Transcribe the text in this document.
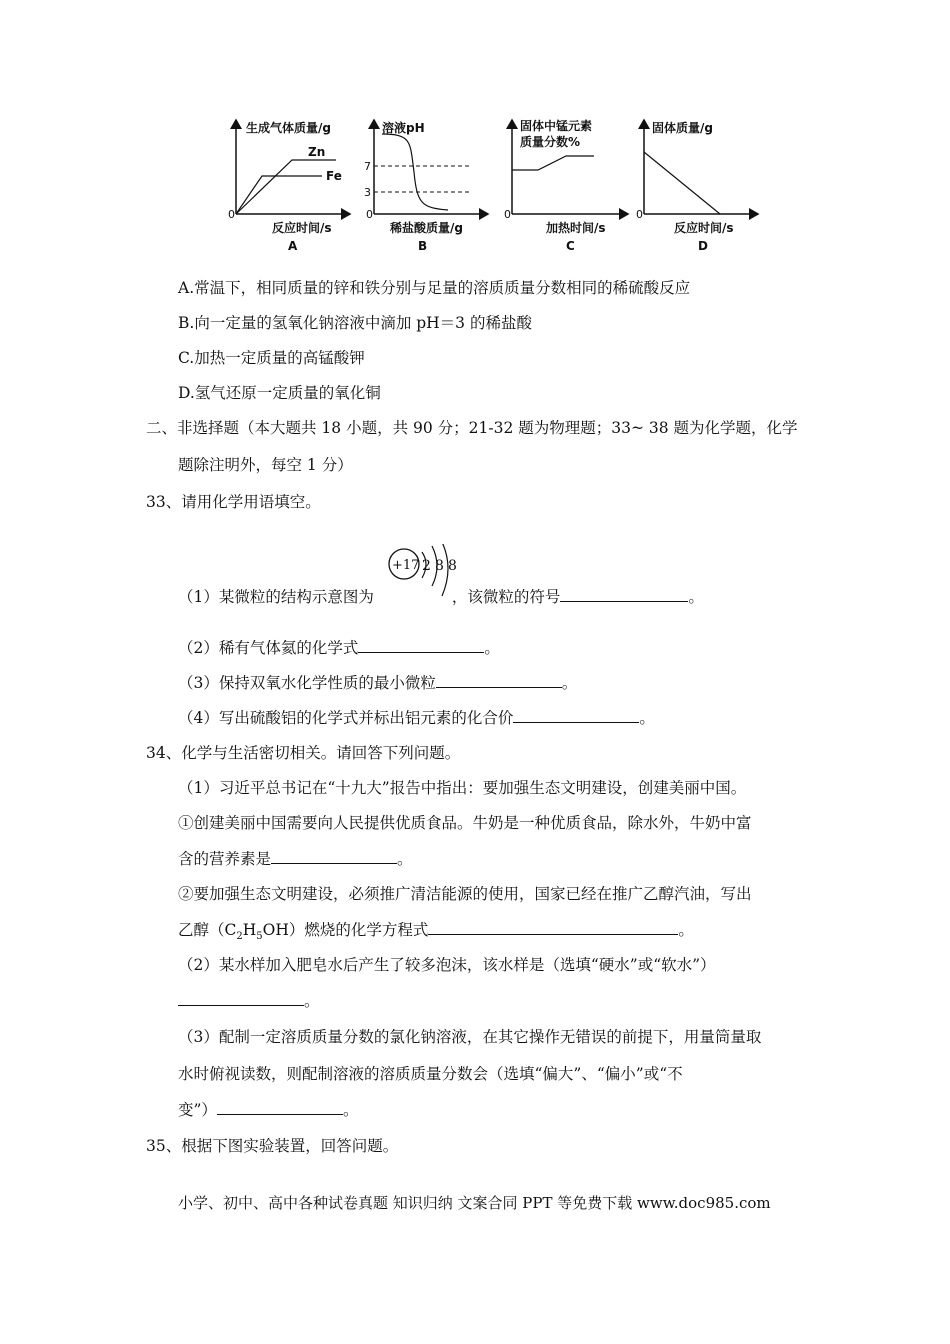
生成气体质量/g
0
Zn
Fe
反应时间/s
A
溶液pH
0
7
3
稀盐酸质量/g
B
固体中锰元素
质量分数%
0
加热时间/s
C
固体质量/g
0
反应时间/s
D
A.常温下，相同质量的锌和铁分别与足量的溶质质量分数相同的稀硫酸反应
B.向一定量的氢氧化钠溶液中滴加 pH＝3 的稀盐酸
C.加热一定质量的高锰酸钾
D.氢气还原一定质量的氧化铜
二、非选择题（本大题共 18 小题，共 90 分；21-32 题为物理题；33~ 38 题为化学题，化学
题除注明外，每空 1 分）
33、请用化学用语填空。
+17 2 8 8
（1）某微粒的结构示意图为	，该微粒的符号	。
（2）稀有气体氦的化学式	。
（3）保持双氧水化学性质的最小微粒	。
（4）写出硫酸铝的化学式并标出铝元素的化合价	。
34、化学与生活密切相关。请回答下列问题。
（1）习近平总书记在“十九大”报告中指出：要加强生态文明建设，创建美丽中国。
①创建美丽中国需要向人民提供优质食品。牛奶是一种优质食品，除水外，牛奶中富
含的营养素是	。
②要加强生态文明建设，必须推广清洁能源的使用，国家已经在推广乙醇汽油，写出
乙醇$(C_2H_5OH)$燃烧的化学方程式	。
（2）某水样加入肥皂水后产生了较多泡沫，该水样是（选填“硬水”或“软水”）
。
（3）配制一定溶质质量分数的氯化钠溶液，在其它操作无错误的前提下，用量筒量取
水时俯视读数，则配制溶液的溶质质量分数会（选填“偏大”、“偏小”或“不
变”）	。
35、根据下图实验装置，回答问题。
小学、初中、高中各种试卷真题 知识归纳 文案合同 PPT 等免费下载 www.doc985.com
